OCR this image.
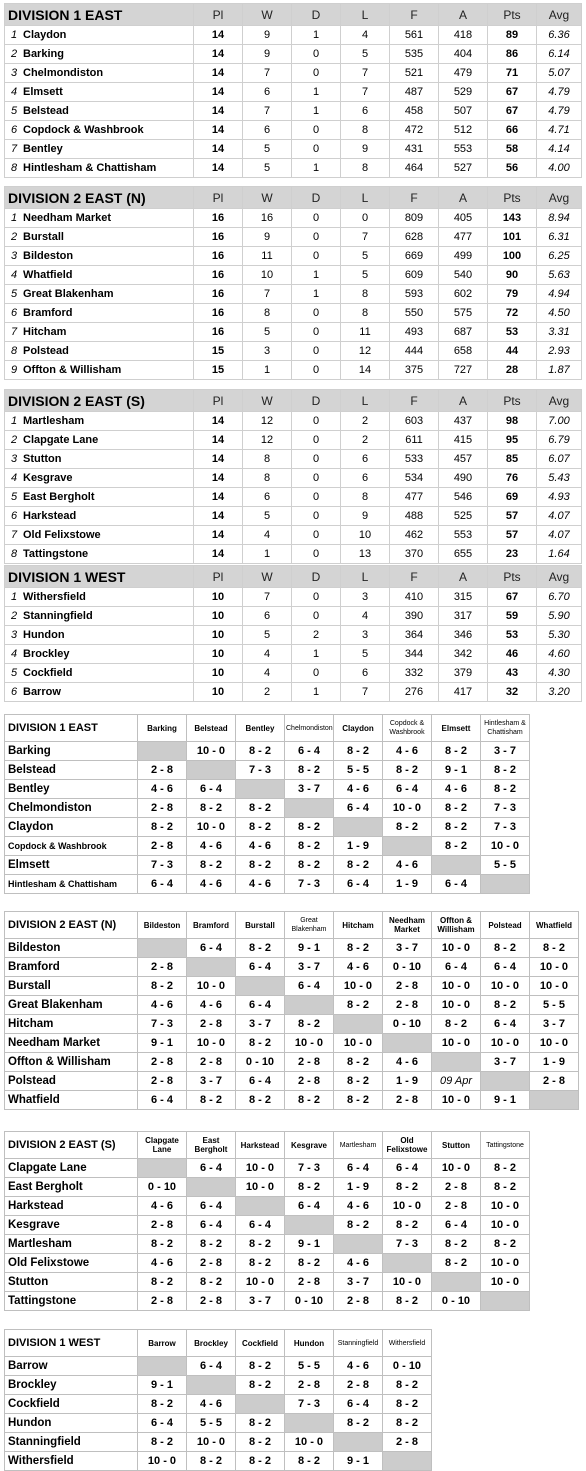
DIVISION 1 EAST	Pl	W	D	L	F	A	Pts	Avg
1 Claydon	14	9	1	4	561	418	89	6.36
2 Barking	14	9	0	5	535	404	86	6.14
3 Chelmondiston	14	7	0	7	521	479	71	5.07
4 Elmsett	14	6	1	7	487	529	67	4.79
5 Belstead	14	7	1	6	458	507	67	4.79
6 Copdock & Washbrook	14	6	0	8	472	512	66	4.71
7 Bentley	14	5	0	9	431	553	58	4.14
8 Hintlesham & Chattisham	14	5	1	8	464	527	56	4.00
DIVISION 2 EAST (N)	Pl	W	D	L	F	A	Pts	Avg
1 Needham Market	16	16	0	0	809	405	143	8.94
2 Burstall	16	9	0	7	628	477	101	6.31
3 Bildeston	16	11	0	5	669	499	100	6.25
4 Whatfield	16	10	1	5	609	540	90	5.63
5 Great Blakenham	16	7	1	8	593	602	79	4.94
6 Bramford	16	8	0	8	550	575	72	4.50
7 Hitcham	16	5	0	11	493	687	53	3.31
8 Polstead	15	3	0	12	444	658	44	2.93
9 Offton & Willisham	15	1	0	14	375	727	28	1.87
DIVISION 2 EAST (S)	Pl	W	D	L	F	A	Pts	Avg
1 Martlesham	14	12	0	2	603	437	98	7.00
2 Clapgate Lane	14	12	0	2	611	415	95	6.79
3 Stutton	14	8	0	6	533	457	85	6.07
4 Kesgrave	14	8	0	6	534	490	76	5.43
5 East Bergholt	14	6	0	8	477	546	69	4.93
6 Harkstead	14	5	0	9	488	525	57	4.07
7 Old Felixstowe	14	4	0	10	462	553	57	4.07
8 Tattingstone	14	1	0	13	370	655	23	1.64
DIVISION 1 WEST	Pl	W	D	L	F	A	Pts	Avg
1 Withersfield	10	7	0	3	410	315	67	6.70
2 Stanningfield	10	6	0	4	390	317	59	5.90
3 Hundon	10	5	2	3	364	346	53	5.30
4 Brockley	10	4	1	5	344	342	46	4.60
5 Cockfield	10	4	0	6	332	379	43	4.30
6 Barrow	10	2	1	7	276	417	32	3.20
DIVISION 1 EAST	Barking	Belstead	Bentley	Chelmondiston	Claydon	Copdock & Washbrook	Elmsett	Hintlesham & Chattisham
Barking		10 - 0	8 - 2	6 - 4	8 - 2	4 - 6	8 - 2	3 - 7
Belstead	2 - 8		7 - 3	8 - 2	5 - 5	8 - 2	9 - 1	8 - 2
Bentley	4 - 6	6 - 4		3 - 7	4 - 6	6 - 4	4 - 6	8 - 2
Chelmondiston	2 - 8	8 - 2	8 - 2		6 - 4	10 - 0	8 - 2	7 - 3
Claydon	8 - 2	10 - 0	8 - 2	8 - 2		8 - 2	8 - 2	7 - 3
Copdock & Washbrook	2 - 8	4 - 6	4 - 6	8 - 2	1 - 9		8 - 2	10 - 0
Elmsett	7 - 3	8 - 2	8 - 2	8 - 2	8 - 2	4 - 6		5 - 5
Hintlesham & Chattisham	6 - 4	4 - 6	4 - 6	7 - 3	6 - 4	1 - 9	6 - 4	
DIVISION 2 EAST (N)	Bildeston	Bramford	Burstall	Great Blakenham	Hitcham	Needham Market	Offton & Willisham	Polstead	Whatfield
Bildeston		6 - 4	8 - 2	9 - 1	8 - 2	3 - 7	10 - 0	8 - 2	8 - 2
Bramford	2 - 8		6 - 4	3 - 7	4 - 6	0 - 10	6 - 4	6 - 4	10 - 0
Burstall	8 - 2	10 - 0		6 - 4	10 - 0	2 - 8	10 - 0	10 - 0	10 - 0
Great Blakenham	4 - 6	4 - 6	6 - 4		8 - 2	2 - 8	10 - 0	8 - 2	5 - 5
Hitcham	7 - 3	2 - 8	3 - 7	8 - 2		0 - 10	8 - 2	6 - 4	3 - 7
Needham Market	9 - 1	10 - 0	8 - 2	10 - 0	10 - 0		10 - 0	10 - 0	10 - 0
Offton & Willisham	2 - 8	2 - 8	0 - 10	2 - 8	8 - 2	4 - 6		3 - 7	1 - 9
Polstead	2 - 8	3 - 7	6 - 4	2 - 8	8 - 2	1 - 9	09 Apr		2 - 8
Whatfield	6 - 4	8 - 2	8 - 2	8 - 2	8 - 2	2 - 8	10 - 0	9 - 1	
DIVISION 2 EAST (S)	Clapgate Lane	East Bergholt	Harkstead	Kesgrave	Martlesham	Old Felixstowe	Stutton	Tattingstone
Clapgate Lane		6 - 4	10 - 0	7 - 3	6 - 4	6 - 4	10 - 0	8 - 2
East Bergholt	0 - 10		10 - 0	8 - 2	1 - 9	8 - 2	2 - 8	8 - 2
Harkstead	4 - 6	6 - 4		6 - 4	4 - 6	10 - 0	2 - 8	10 - 0
Kesgrave	2 - 8	6 - 4	6 - 4		8 - 2	8 - 2	6 - 4	10 - 0
Martlesham	8 - 2	8 - 2	8 - 2	9 - 1		7 - 3	8 - 2	8 - 2
Old Felixstowe	4 - 6	2 - 8	8 - 2	8 - 2	4 - 6		8 - 2	10 - 0
Stutton	8 - 2	8 - 2	10 - 0	2 - 8	3 - 7	10 - 0		10 - 0
Tattingstone	2 - 8	2 - 8	3 - 7	0 - 10	2 - 8	8 - 2	0 - 10	
DIVISION 1 WEST	Barrow	Brockley	Cockfield	Hundon	Stanningfield	Withersfield
Barrow		6 - 4	8 - 2	5 - 5	4 - 6	0 - 10
Brockley	9 - 1		8 - 2	2 - 8	2 - 8	8 - 2
Cockfield	8 - 2	4 - 6		7 - 3	6 - 4	8 - 2
Hundon	6 - 4	5 - 5	8 - 2		8 - 2	8 - 2
Stanningfield	8 - 2	10 - 0	8 - 2	10 - 0		2 - 8
Withersfield	10 - 0	8 - 2	8 - 2	8 - 2	9 - 1	
